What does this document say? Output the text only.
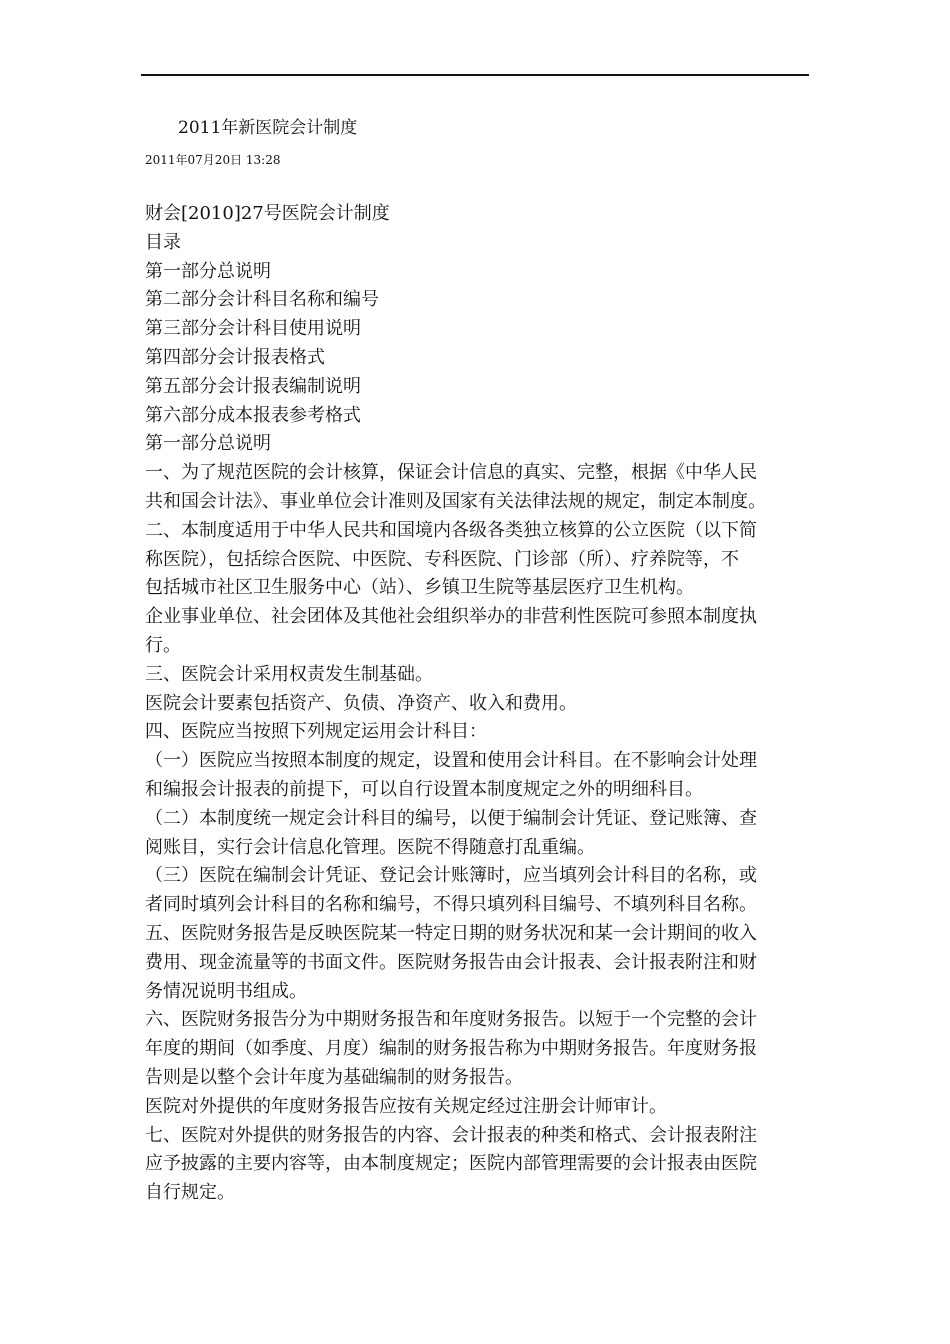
2011年新医院会计制度
2011年07月20日 13:28
财会[2010]27号医院会计制度
目录
第一部分总说明
第二部分会计科目名称和编号
第三部分会计科目使用说明
第四部分会计报表格式
第五部分会计报表编制说明
第六部分成本报表参考格式
第一部分总说明
一、为了规范医院的会计核算，保证会计信息的真实、完整，根据《中华人民
共和国会计法》、事业单位会计准则及国家有关法律法规的规定，制定本制度。
二、本制度适用于中华人民共和国境内各级各类独立核算的公立医院（以下简
称医院），包括综合医院、中医院、专科医院、门诊部（所）、疗养院等，不
包括城市社区卫生服务中心（站）、乡镇卫生院等基层医疗卫生机构。
企业事业单位、社会团体及其他社会组织举办的非营利性医院可参照本制度执
行。
三、医院会计采用权责发生制基础。
医院会计要素包括资产、负债、净资产、收入和费用。
四、医院应当按照下列规定运用会计科目：
（一）医院应当按照本制度的规定，设置和使用会计科目。在不影响会计处理
和编报会计报表的前提下，可以自行设置本制度规定之外的明细科目。
（二）本制度统一规定会计科目的编号，以便于编制会计凭证、登记账簿、查
阅账目，实行会计信息化管理。医院不得随意打乱重编。
（三）医院在编制会计凭证、登记会计账簿时，应当填列会计科目的名称，或
者同时填列会计科目的名称和编号，不得只填列科目编号、不填列科目名称。
五、医院财务报告是反映医院某一特定日期的财务状况和某一会计期间的收入
费用、现金流量等的书面文件。医院财务报告由会计报表、会计报表附注和财
务情况说明书组成。
六、医院财务报告分为中期财务报告和年度财务报告。以短于一个完整的会计
年度的期间（如季度、月度）编制的财务报告称为中期财务报告。年度财务报
告则是以整个会计年度为基础编制的财务报告。
医院对外提供的年度财务报告应按有关规定经过注册会计师审计。
七、医院对外提供的财务报告的内容、会计报表的种类和格式、会计报表附注
应予披露的主要内容等，由本制度规定；医院内部管理需要的会计报表由医院
自行规定。
